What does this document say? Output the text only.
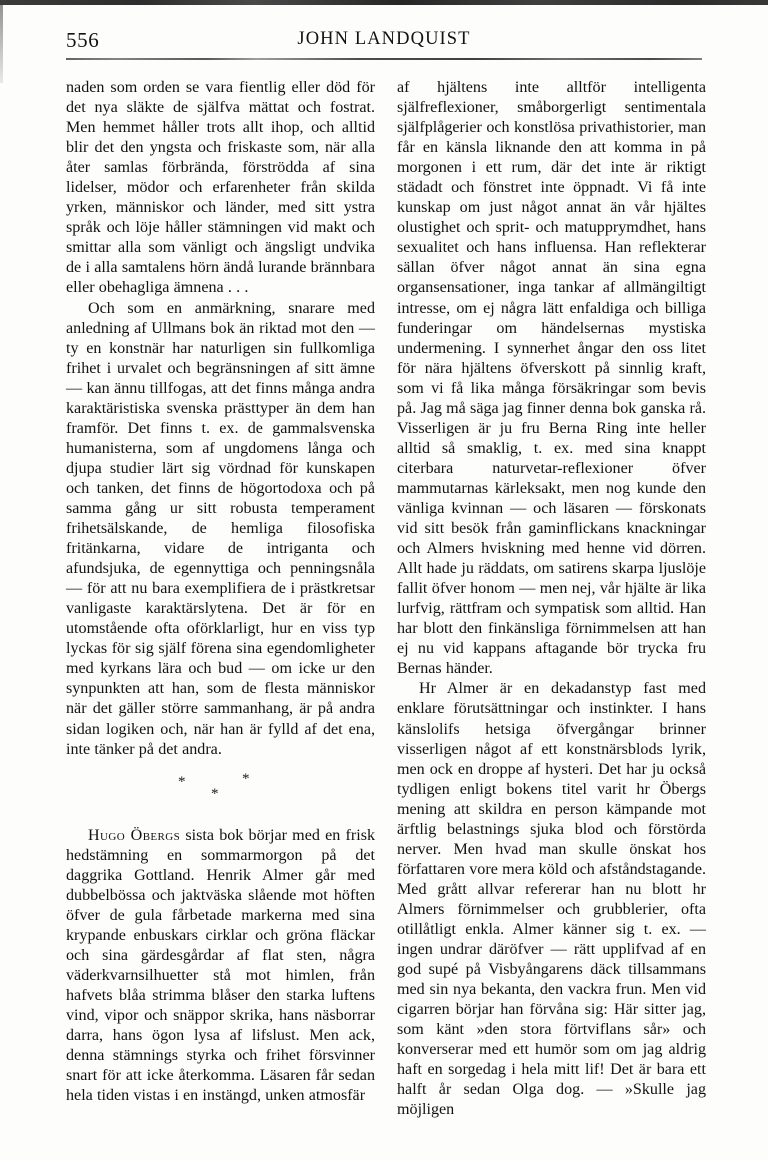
556	JOHN LANDQUIST

naden som orden se vara fientlig eller död för det nya släkte de själfva mättat och fostrat. Men hemmet håller trots allt ihop, och alltid blir det den yngsta och friskaste som, när alla åter samlas förbrända, förströdda af sina lidelser, mödor och erfarenheter från skilda yrken, människor och länder, med sitt ystra språk och löje håller stämningen vid makt och smittar alla som vänligt och ängsligt undvika de i alla samtalens hörn ändå lurande brännbara eller obehagliga ämnena . . .

Och som en anmärkning, snarare med anledning af Ullmans bok än riktad mot den — ty en konstnär har naturligen sin fullkomliga frihet i urvalet och begränsningen af sitt ämne — kan ännu tillfogas, att det finns många andra karaktäristiska svenska prästtyper än dem han framför. Det finns t. ex. de gammalsvenska humanisterna, som af ungdomens långa och djupa studier lärt sig vördnad för kunskapen och tanken, det finns de högortodoxa och på samma gång ur sitt robusta temperament frihetsälskande, de hemliga filosofiska fritänkarna, vidare de intriganta och afundsjuka, de egennyttiga och penningsnåla — för att nu bara exemplifiera de i prästkretsar vanligaste karaktärslytena. Det är för en utomstående ofta oförklarligt, hur en viss typ lyckas för sig själf förena sina egendomligheter med kyrkans lära och bud — om icke ur den synpunkten att han, som de flesta människor när det gäller större sammanhang, är på andra sidan logiken och, när han är fylld af det ena, inte tänker på det andra.

*	*
*

Hugo Öbergs sista bok börjar med en frisk hedstämning en sommarmorgon på det daggrika Gottland. Henrik Almer går med dubbelbössa och jaktväska slående mot höften öfver de gula fårbetade markerna med sina krypande enbuskars cirklar och gröna fläckar och sina gärdesgårdar af flat sten, några väderkvarnsilhuetter stå mot himlen, från hafvets blåa strimma blåser den starka luftens vind, vipor och snäppor skrika, hans näsborrar darra, hans ögon lysa af lifslust. Men ack, denna stämnings styrka och frihet försvinner snart för att icke återkomma. Läsaren får sedan hela tiden vistas i en instängd, unken atmosfär

af hjältens inte alltför intelligenta själfreflexioner, småborgerligt sentimentala själfplågerier och konstlösa privathistorier, man får en känsla liknande den att komma in på morgonen i ett rum, där det inte är riktigt städadt och fönstret inte öppnadt. Vi få inte kunskap om just något annat än vår hjältes olustighet och sprit- och matupprymdhet, hans sexualitet och hans influensa. Han reflekterar sällan öfver något annat än sina egna organsensationer, inga tankar af allmängiltigt intresse, om ej några lätt enfaldiga och billiga funderingar om händelsernas mystiska undermening. I synnerhet ångar den oss litet för nära hjältens öfverskott på sinnlig kraft, som vi få lika många försäkringar som bevis på. Jag må säga jag finner denna bok ganska rå. Visserligen är ju fru Berna Ring inte heller alltid så smaklig, t. ex. med sina knappt citerbara naturvetar-reflexioner öfver mammutarnas kärleksakt, men nog kunde den vänliga kvinnan — och läsaren — förskonats vid sitt besök från gaminflickans knackningar och Almers hviskning med henne vid dörren. Allt hade ju räddats, om satirens skarpa ljuslöje fallit öfver honom — men nej, vår hjälte är lika lurfvig, rättfram och sympatisk som alltid. Han har blott den finkänsliga förnimmelsen att han ej nu vid kappans aftagande bör trycka fru Bernas händer.

Hr Almer är en dekadanstyp fast med enklare förutsättningar och instinkter. I hans känslolifs hetsiga öfvergångar brinner visserligen något af ett konstnärsblods lyrik, men ock en droppe af hysteri. Det har ju också tydligen enligt bokens titel varit hr Öbergs mening att skildra en person kämpande mot ärftlig belastnings sjuka blod och förstörda nerver. Men hvad man skulle önskat hos författaren vore mera köld och afståndstagande. Med grått allvar refererar han nu blott hr Almers förnimmelser och grubblerier, ofta otillåtligt enkla. Almer känner sig t. ex. — ingen undrar däröfver — rätt upplifvad af en god supé på Visbyångarens däck tillsammans med sin nya bekanta, den vackra frun. Men vid cigarren börjar han förvåna sig: Här sitter jag, som känt »den stora förtviflans sår» och konverserar med ett humör som om jag aldrig haft en sorgedag i hela mitt lif! Det är bara ett halft år sedan Olga dog. — »Skulle jag möjligen
